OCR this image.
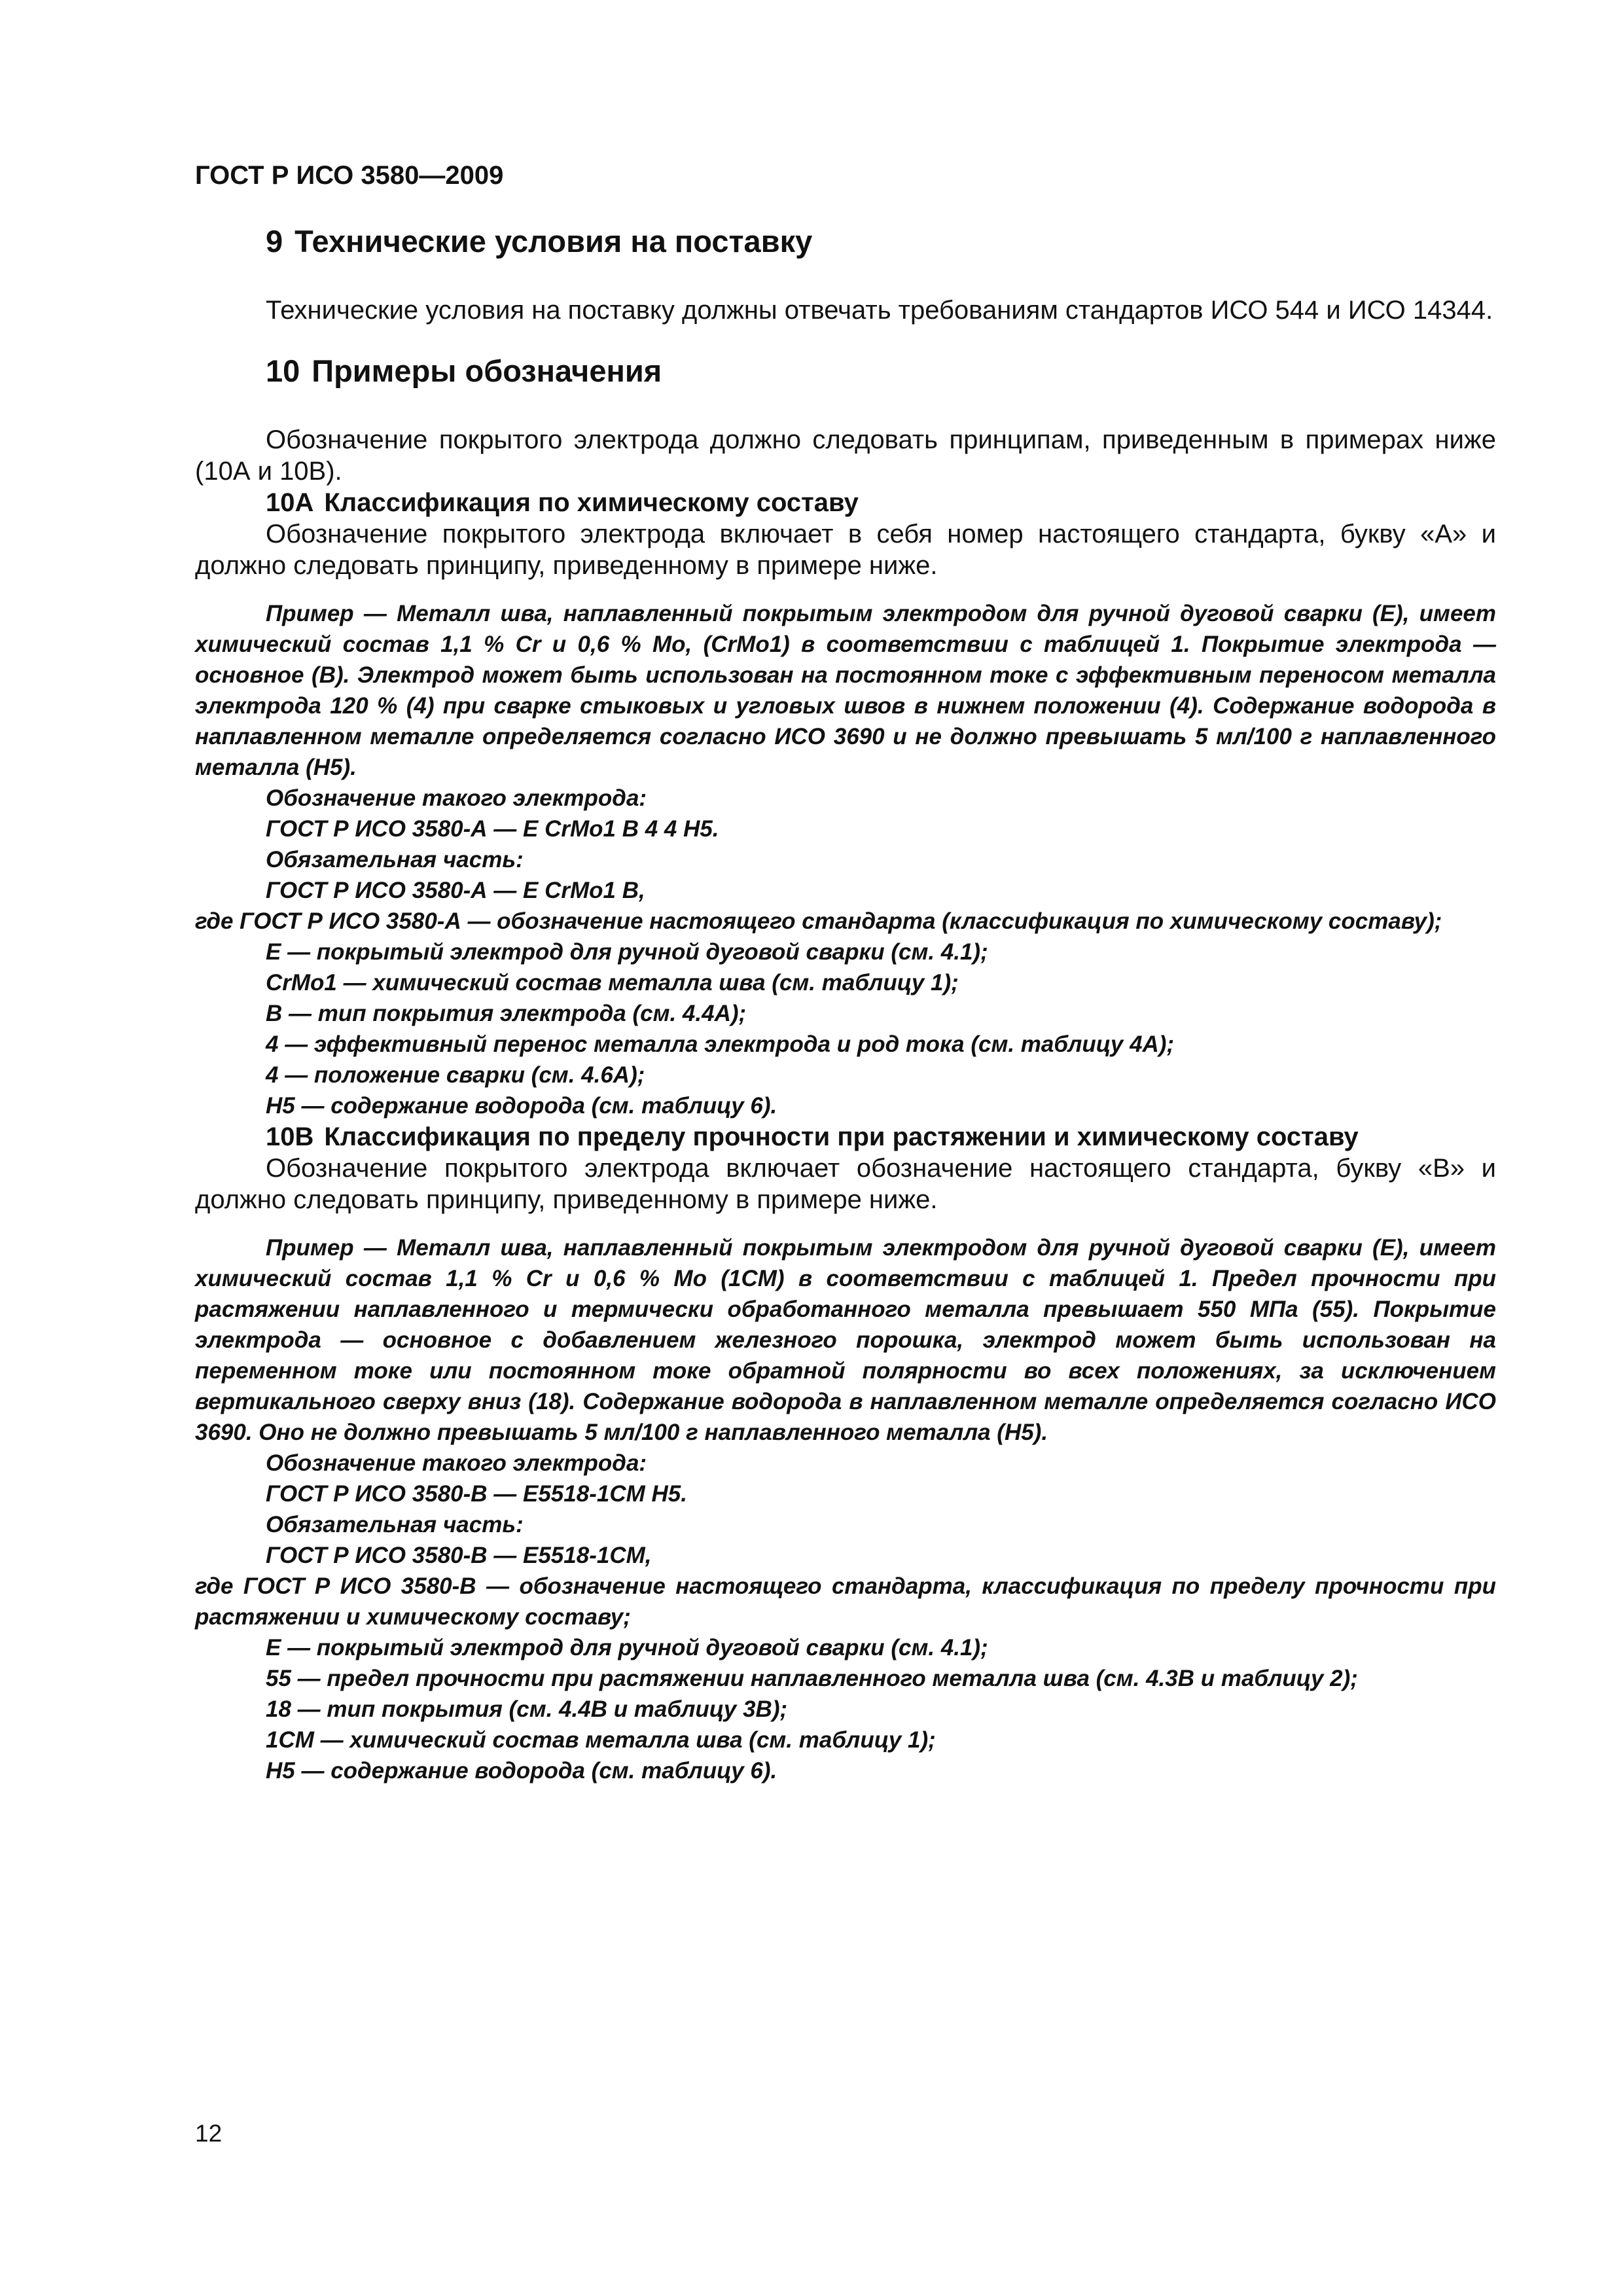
ГОСТ Р ИСО 3580—2009
9 Технические условия на поставку

Технические условия на поставку должны отвечать требованиям стандартов ИСО 544 и ИСО 14344.

10 Примеры обозначения

Обозначение покрытого электрода должно следовать принципам, приведенным в примерах ниже (10А и 10В).

10А Классификация по химическому составу

Обозначение покрытого электрода включает в себя номер настоящего стандарта, букву «А» и должно следовать принципу, приведенному в примере ниже.

Пример — Металл шва, наплавленный покрытым электродом для ручной дуговой сварки (Е), имеет химический состав 1,1 % Cr и 0,6 % Mo, (CrMo1) в соответствии с таблицей 1. Покрытие электрода — основное (В). Электрод может быть использован на постоянном токе с эффективным переносом металла электрода 120 % (4) при сварке стыковых и угловых швов в нижнем положении (4). Содержание водорода в наплавленном металле определяется согласно ИСО 3690 и не должно превышать 5 мл/100 г наплавленного металла (Н5).

Обозначение такого электрода:
ГОСТ Р ИСО 3580-А — Е CrMo1 В 4 4 Н5.
Обязательная часть:
ГОСТ Р ИСО 3580-А — Е CrMo1 В,
где ГОСТ Р ИСО 3580-А — обозначение настоящего стандарта (классификация по химическому составу);
Е — покрытый электрод для ручной дуговой сварки (см. 4.1);
CrMo1 — химический состав металла шва (см. таблицу 1);
В — тип покрытия электрода (см. 4.4А);
4 — эффективный перенос металла электрода и род тока (см. таблицу 4А);
4 — положение сварки (см. 4.6А);
Н5 — содержание водорода (см. таблицу 6).
10В Классификация по пределу прочности при растяжении и химическому составу

Обозначение покрытого электрода включает обозначение настоящего стандарта, букву «В» и должно следовать принципу, приведенному в примере ниже.

Пример — Металл шва, наплавленный покрытым электродом для ручной дуговой сварки (Е), имеет химический состав 1,1 % Cr и 0,6 % Mo (1CM) в соответствии с таблицей 1. Предел прочности при растяжении наплавленного и термически обработанного металла превышает 550 МПа (55). Покрытие электрода — основное с добавлением железного порошка, электрод может быть использован на переменном токе или постоянном токе обратной полярности во всех положениях, за исключением вертикального сверху вниз (18). Содержание водорода в наплавленном металле определяется согласно ИСО 3690. Оно не должно превышать 5 мл/100 г наплавленного металла (Н5).

Обозначение такого электрода:
ГОСТ Р ИСО 3580-В — Е5518-1СМ Н5.
Обязательная часть:
ГОСТ Р ИСО 3580-В — Е5518-1СМ,
где ГОСТ Р ИСО 3580-В — обозначение настоящего стандарта, классификация по пределу прочности при растяжении и химическому составу;
Е — покрытый электрод для ручной дуговой сварки (см. 4.1);
55 — предел прочности при растяжении наплавленного металла шва (см. 4.3В и таблицу 2);
18 — тип покрытия (см. 4.4В и таблицу 3В);
1СМ — химический состав металла шва (см. таблицу 1);
Н5 — содержание водорода (см. таблицу 6).
12
